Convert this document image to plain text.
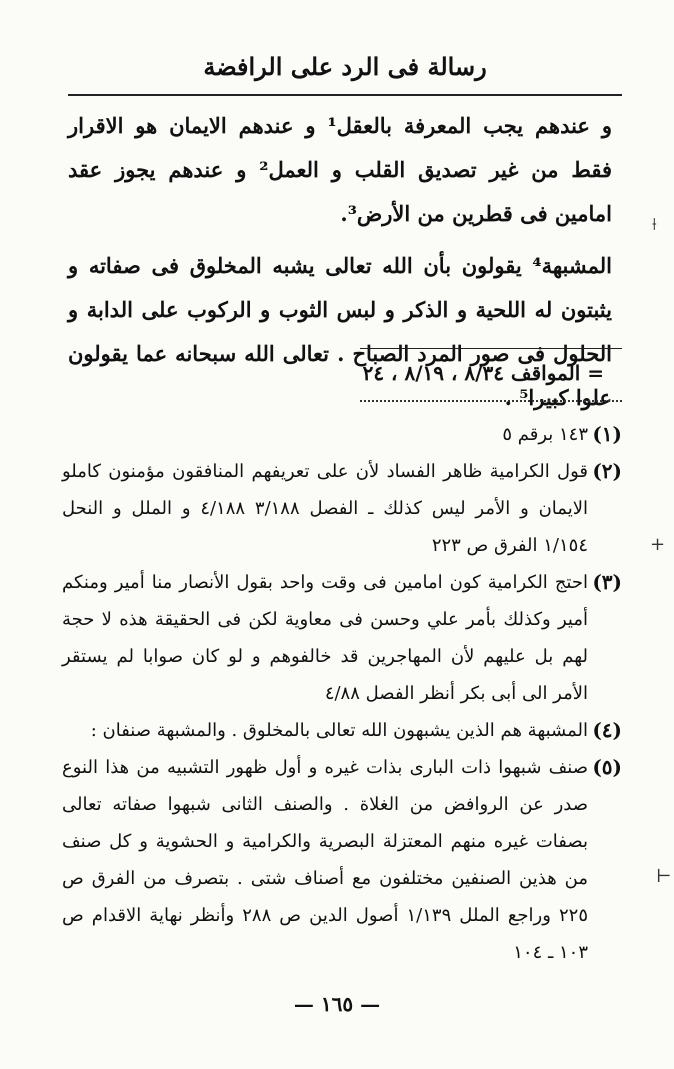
رسالة فى الرد على الرافضة

و عندهم يجب المعرفة بالعقل¹ و عندهم الايمان هو الاقرار فقط من غير تصديق القلب و العمل² و عندهم يجوز عقد امامين فى قطرين من الأرض³.

المشبهة⁴ يقولون بأن الله تعالى يشبه المخلوق فى صفاته و يثبتون له اللحية و الذكر و لبس الثوب و الركوب على الدابة و الحلول فى صور المرد الصباح . تعالى الله سبحانه عما يقولون علوا كبيرا⁵ .

= المواقف ٨/٣٤ ، ٨/١٩ ، ٢٤
(١)
١٤٣ برقم ٥
(٢)
قول الكرامية ظاهر الفساد لأن على تعريفهم المنافقون مؤمنون كاملو الايمان و الأمر ليس كذلك ـ الفصل ٣/١٨٨ ٤/١٨٨ و الملل و النحل ١/١٥٤ الفرق ص ٢٢٣
(٣)
احتج الكرامية كون امامين فى وقت واحد بقول الأنصار منا أمير ومنكم أمير وكذلك بأمر علي وحسن فى معاوية لكن فى الحقيقة هذه لا حجة لهم بل عليهم لأن المهاجرين قد خالفوهم و لو كان صوابا لم يستقر الأمر الى أبى بكر أنظر الفصل ٤/٨٨
(٤)
المشبهة هم الذين يشبهون الله تعالى بالمخلوق . والمشبهة صنفان :
(٥)
صنف شبهوا ذات البارى بذات غيره و أول ظهور التشبيه من هذا النوع صدر عن الروافض من الغلاة . والصنف الثانى شبهوا صفاته تعالى بصفات غيره منهم المعتزلة البصرية والكرامية و الحشوية و كل صنف من هذين الصنفين مختلفون مع أصناف شتى . بتصرف من الفرق ص ٢٢٥ وراجع الملل ١/١٣٩ أصول الدين ص ٢٨٨ وأنظر نهاية الاقدام ص ١٠٣ ـ ١٠٤
— ١٦٥ —
⟊
+
⊢
